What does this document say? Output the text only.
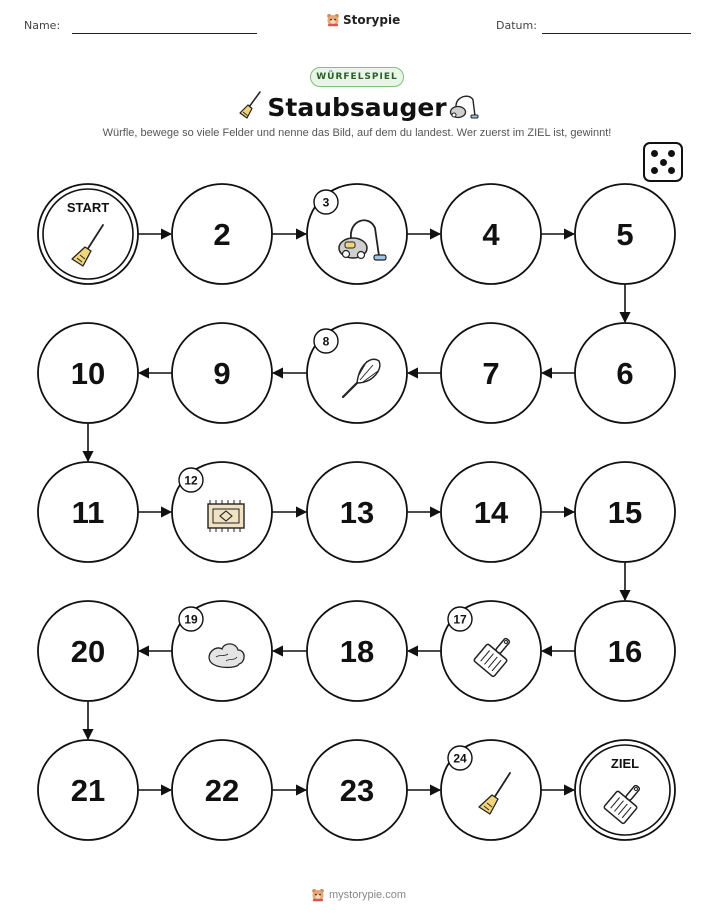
Name:	Datum:
Storypie
WÜRFELSPIEL
Staubsauger
Würfle, bewege so viele Felder und nenne das Bild, auf dem du landest. Wer zuerst im ZIEL ist, gewinnt!
START
2
3
4	5
6
7
8
9
10
11
12
13	14	15
16
17
18
19
20
21	22	23
24	ZIEL
mystorypie.com
